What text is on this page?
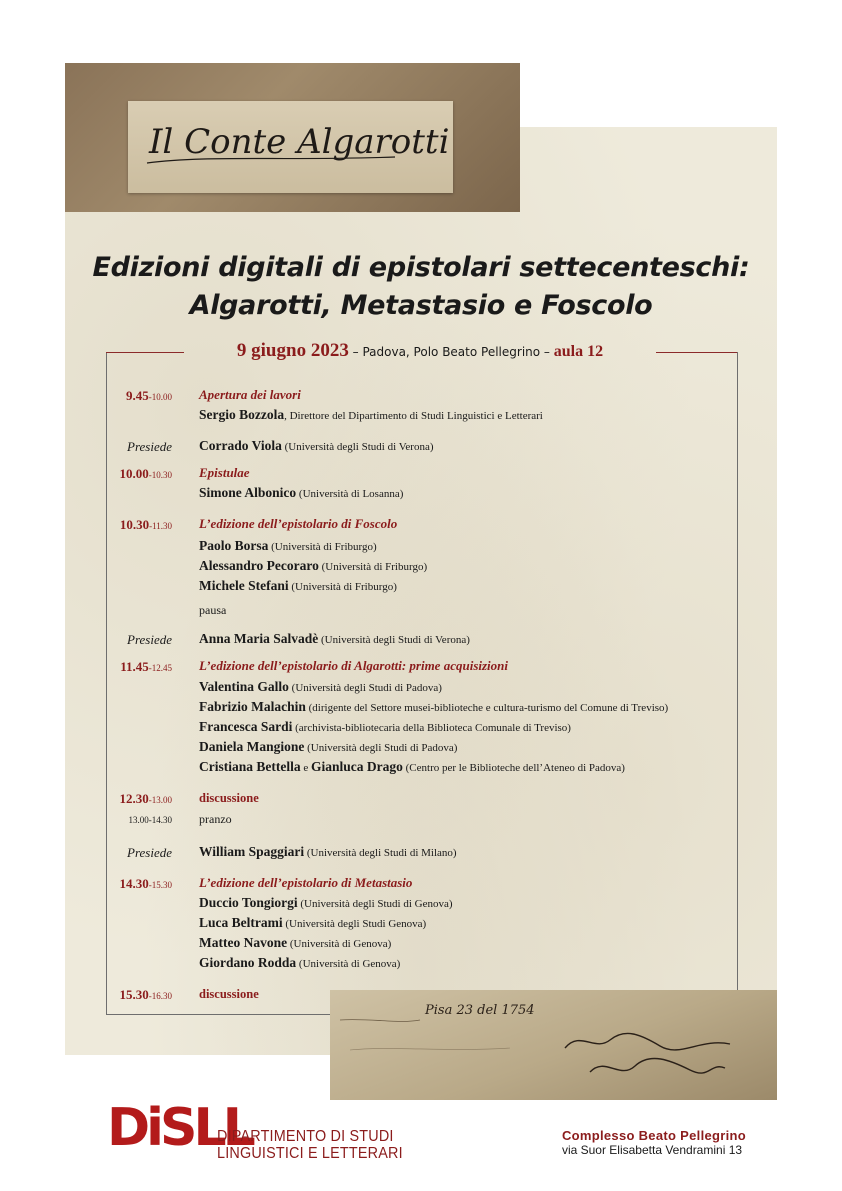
Il Conte Algarotti
Edizioni digitali di epistolari settecenteschi:
Algarotti, Metastasio e Foscolo
9 giugno 2023 – Padova, Polo Beato Pellegrino – aula 12
9.45-10.00 Apertura dei lavori
Sergio Bozzola, Direttore del Dipartimento di Studi Linguistici e Letterari
Presiede Corrado Viola (Università degli Studi di Verona)
10.00-10.30 Epistulae
Simone Albonico (Università di Losanna)
10.30-11.30 L’edizione dell’epistolario di Foscolo
Paolo Borsa (Università di Friburgo)
Alessandro Pecoraro (Università di Friburgo)
Michele Stefani (Università di Friburgo)
pausa
Presiede Anna Maria Salvadè (Università degli Studi di Verona)
11.45-12.45 L’edizione dell’epistolario di Algarotti: prime acquisizioni
Valentina Gallo (Università degli Studi di Padova)
Fabrizio Malachin (dirigente del Settore musei-biblioteche e cultura-turismo del Comune di Treviso)
Francesca Sardi (archivista-bibliotecaria della Biblioteca Comunale di Treviso)
Daniela Mangione (Università degli Studi di Padova)
Cristiana Bettella e Gianluca Drago (Centro per le Biblioteche dell’Ateneo di Padova)
12.30-13.00 discussione
13.00-14.30 pranzo
Presiede William Spaggiari (Università degli Studi di Milano)
14.30-15.30 L’edizione dell’epistolario di Metastasio
Duccio Tongiorgi (Università degli Studi di Genova)
Luca Beltrami (Università degli Studi Genova)
Matteo Navone (Università di Genova)
Giordano Rodda (Università di Genova)
15.30-16.30 discussione
Pisa 23 del 1754
DiSLL
DIPARTIMENTO DI STUDI
LINGUISTICI E LETTERARI
Complesso Beato Pellegrino
via Suor Elisabetta Vendramini 13
